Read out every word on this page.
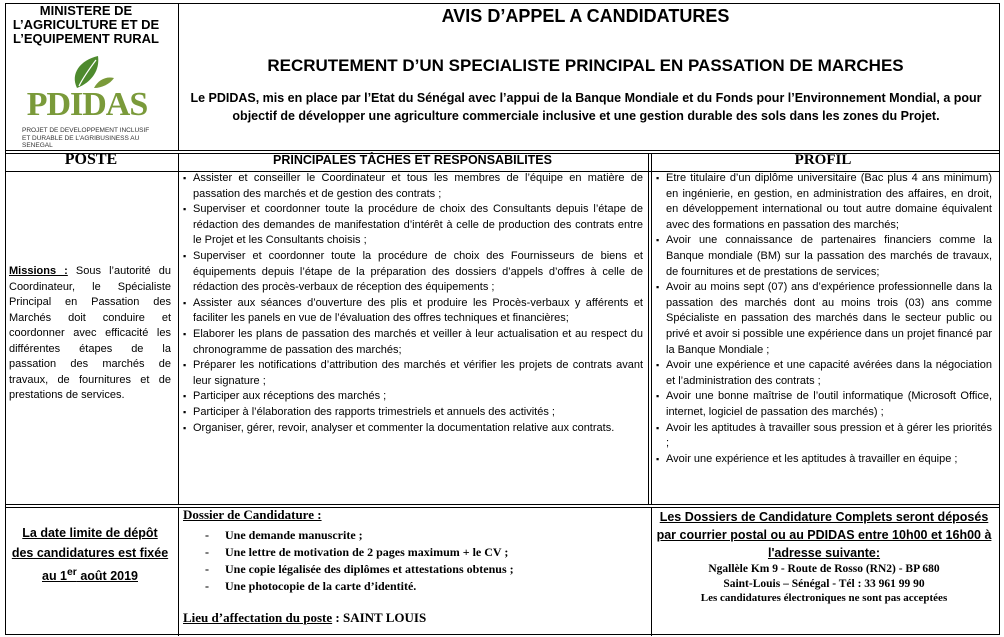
MINISTERE DE L’AGRICULTURE ET DE L’EQUIPEMENT RURAL
PDIDAS
PROJET DE DEVELOPPEMENT INCLUSIF ET DURABLE DE L’AGRIBUSINESS AU SENEGAL
AVIS D’APPEL A CANDIDATURES
RECRUTEMENT D’UN SPECIALISTE PRINCIPAL EN PASSATION DE MARCHES
Le PDIDAS, mis en place par l’Etat du Sénégal avec l’appui de la Banque Mondiale et du Fonds pour l’Environnement Mondial, a pour objectif de développer une agriculture commerciale inclusive et une gestion durable des sols dans les zones du Projet.
POSTE	PRINCIPALES TÂCHES ET RESPONSABILITES	PROFIL
Missions : Sous l’autorité du Coordinateur, le Spécialiste Principal en Passation des Marchés doit conduire et coordonner avec efficacité les différentes étapes de la passation des marchés de travaux, de fournitures et de prestations de services.
▪ Assister et conseiller le Coordinateur et tous les membres de l’équipe en matière de passation des marchés et de gestion des contrats ;
▪ Superviser et coordonner toute la procédure de choix des Consultants depuis l’étape de rédaction des demandes de manifestation d’intérêt à celle de production des contrats entre le Projet et les Consultants choisis ;
▪ Superviser et coordonner toute la procédure de choix des Fournisseurs de biens et équipements depuis l’étape de la préparation des dossiers d’appels d’offres à celle de rédaction des procès-verbaux de réception des équipements ;
▪ Assister aux séances d’ouverture des plis et produire les Procès-verbaux y afférents et faciliter les panels en vue de l’évaluation des offres techniques et financières;
▪ Elaborer les plans de passation des marchés et veiller à leur actualisation et au respect du chronogramme de passation des marchés;
▪ Préparer les notifications d’attribution des marchés et vérifier les projets de contrats avant leur signature ;
▪ Participer aux réceptions des marchés ;
▪ Participer à l’élaboration des rapports trimestriels et annuels des activités ;
▪ Organiser, gérer, revoir, analyser et commenter la documentation relative aux contrats.
▪ Etre titulaire d’un diplôme universitaire (Bac plus 4 ans minimum) en ingénierie, en gestion, en administration des affaires, en droit, en développement international ou tout autre domaine équivalent avec des formations en passation des marchés;
▪ Avoir une connaissance de partenaires financiers comme la Banque mondiale (BM) sur la passation des marchés de travaux, de fournitures et de prestations de services;
▪ Avoir au moins sept (07) ans d’expérience professionnelle dans la passation des marchés dont au moins trois (03) ans comme Spécialiste en passation des marchés dans le secteur public ou privé et avoir si possible une expérience dans un projet financé par la Banque Mondiale ;
▪ Avoir une expérience et une capacité avérées dans la négociation et l’administration des contrats ;
▪ Avoir une bonne maîtrise de l’outil informatique (Microsoft Office, internet, logiciel de passation des marchés) ;
▪ Avoir les aptitudes à travailler sous pression et à gérer les priorités ;
▪ Avoir une expérience et les aptitudes à travailler en équipe ;
La date limite de dépôt des candidatures est fixée au 1er août 2019
Dossier de Candidature :
- Une demande manuscrite ;
- Une lettre de motivation de 2 pages maximum + le CV ;
- Une copie légalisée des diplômes et attestations obtenus ;
- Une photocopie de la carte d’identité.
Lieu d’affectation du poste : SAINT LOUIS
Les Dossiers de Candidature Complets seront déposés par courrier postal ou au PDIDAS entre 10h00 et 16h00 à l'adresse suivante:
Ngallèle Km 9 - Route de Rosso (RN2) - BP 680
Saint-Louis – Sénégal - Tél : 33 961 99 90
Les candidatures électroniques ne sont pas acceptées
